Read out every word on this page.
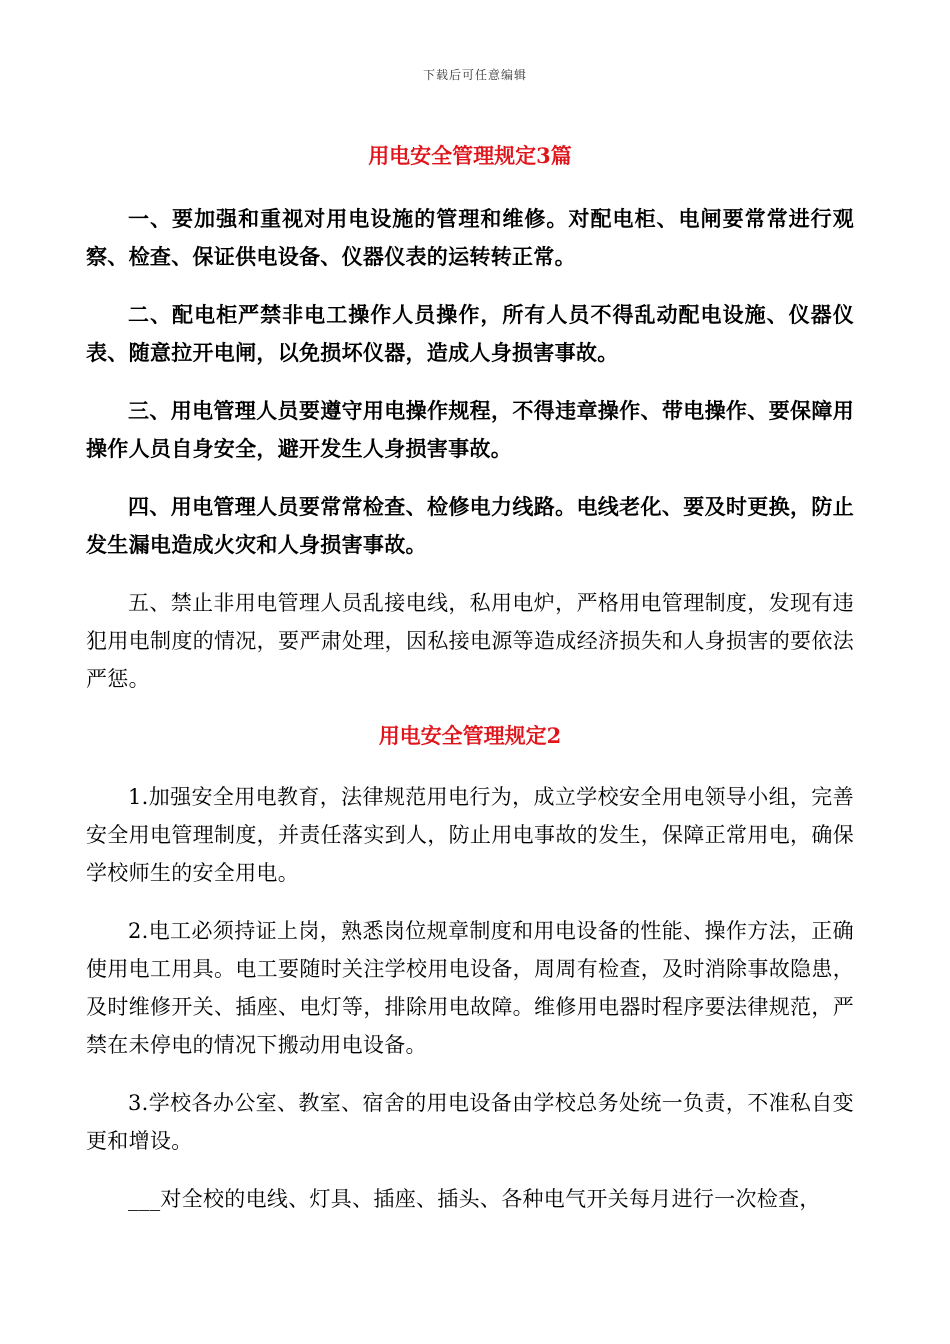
下载后可任意编辑
用电安全管理规定3篇

一、要加强和重视对用电设施的管理和维修。对配电柜、电闸要常常进行观察、检查、保证供电设备、仪器仪表的运转转正常。

二、配电柜严禁非电工操作人员操作，所有人员不得乱动配电设施、仪器仪表、随意拉开电闸，以免损坏仪器，造成人身损害事故。

三、用电管理人员要遵守用电操作规程，不得违章操作、带电操作、要保障用操作人员自身安全，避开发生人身损害事故。

四、用电管理人员要常常检查、检修电力线路。电线老化、要及时更换，防止发生漏电造成火灾和人身损害事故。

五、禁止非用电管理人员乱接电线，私用电炉，严格用电管理制度，发现有违犯用电制度的情况，要严肃处理，因私接电源等造成经济损失和人身损害的要依法严惩。

用电安全管理规定2

1.加强安全用电教育，法律规范用电行为，成立学校安全用电领导小组，完善安全用电管理制度，并责任落实到人，防止用电事故的发生，保障正常用电，确保学校师生的安全用电。

2.电工必须持证上岗，熟悉岗位规章制度和用电设备的性能、操作方法，正确使用电工用具。电工要随时关注学校用电设备，周周有检查，及时消除事故隐患，及时维修开关、插座、电灯等，排除用电故障。维修用电器时程序要法律规范，严禁在未停电的情况下搬动用电设备。

3.学校各办公室、教室、宿舍的用电设备由学校总务处统一负责，不准私自变更和增设。

___对全校的电线、灯具、插座、插头、各种电气开关每月进行一次检查，
